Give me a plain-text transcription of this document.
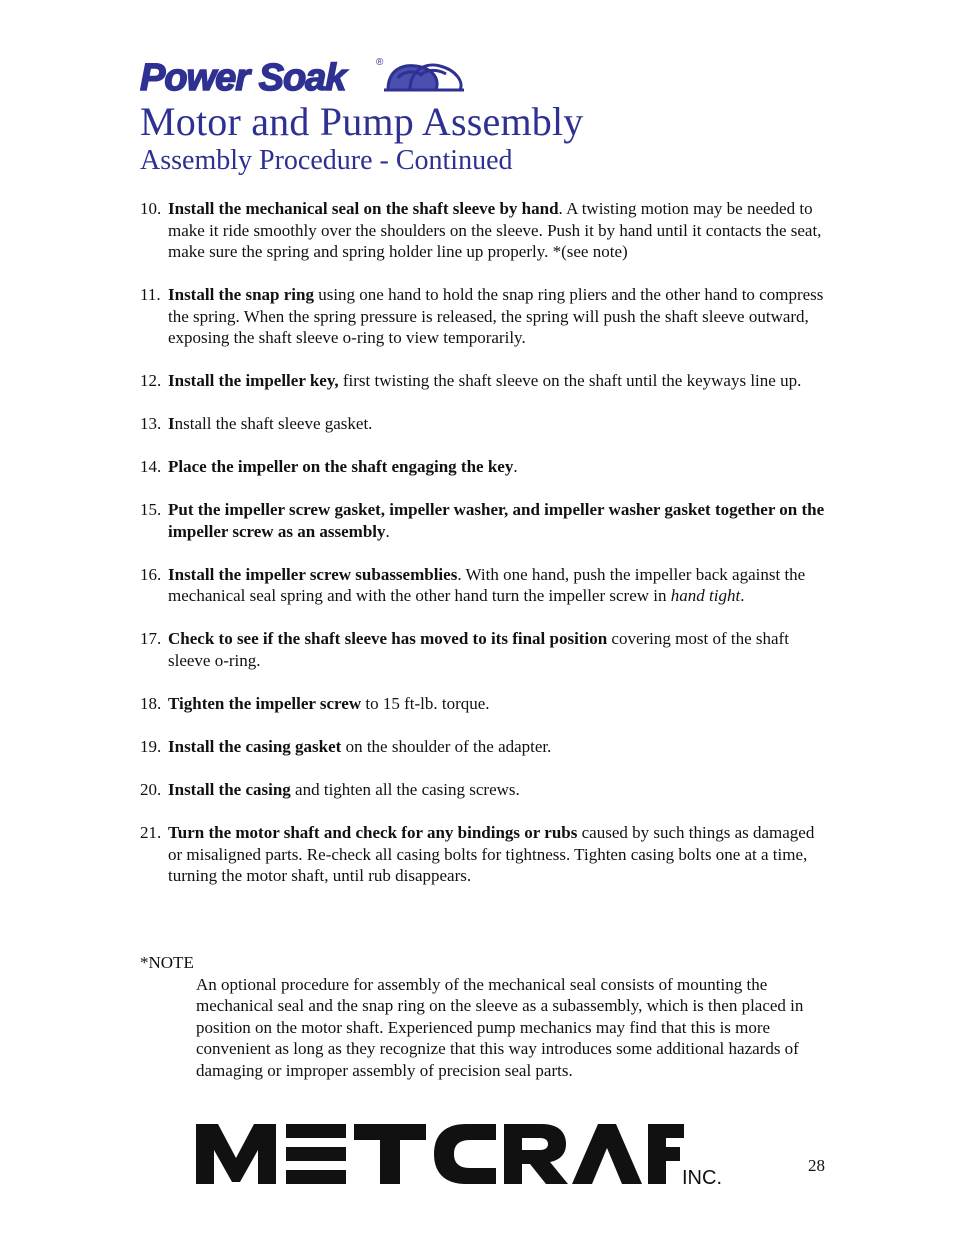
Power Soak	®
Motor and Pump Assembly
Assembly Procedure - Continued
10. Install the mechanical seal on the shaft sleeve by hand. A twisting motion may be needed to make it ride smoothly over the shoulders on the sleeve. Push it by hand until it contacts the seat, make sure the spring and spring holder line up properly. *(see note)
11. Install the snap ring using one hand to hold the snap ring pliers and the other hand to compress the spring. When the spring pressure is released, the spring will push the shaft sleeve outward, exposing the shaft sleeve o-ring to view temporarily.
12. Install the impeller key, first twisting the shaft sleeve on the shaft until the keyways line up.
13. Install the shaft sleeve gasket.
14. Place the impeller on the shaft engaging the key.
15. Put the impeller screw gasket, impeller washer, and impeller washer gasket together on the impeller screw as an assembly.
16. Install the impeller screw subassemblies. With one hand, push the impeller back against the mechanical seal spring and with the other hand turn the impeller screw in hand tight.
17. Check to see if the shaft sleeve has moved to its final position covering most of the shaft sleeve o-ring.
18. Tighten the impeller screw to 15 ft-lb. torque.
19. Install the casing gasket on the shoulder of the adapter.
20. Install the casing and tighten all the casing screws.
21. Turn the motor shaft and check for any bindings or rubs caused by such things as damaged or misaligned parts. Re-check all casing bolts for tightness. Tighten casing bolts one at a time, turning the motor shaft, until rub disappears.
*NOTE
An optional procedure for assembly of the mechanical seal consists of mounting the mechanical seal and the snap ring on the sleeve as a subassembly, which is then placed in position on the motor shaft. Experienced pump mechanics may find that this is more convenient as long as they recognize that this way introduces some additional hazards of damaging or improper assembly of precision seal parts.
INC.
28
